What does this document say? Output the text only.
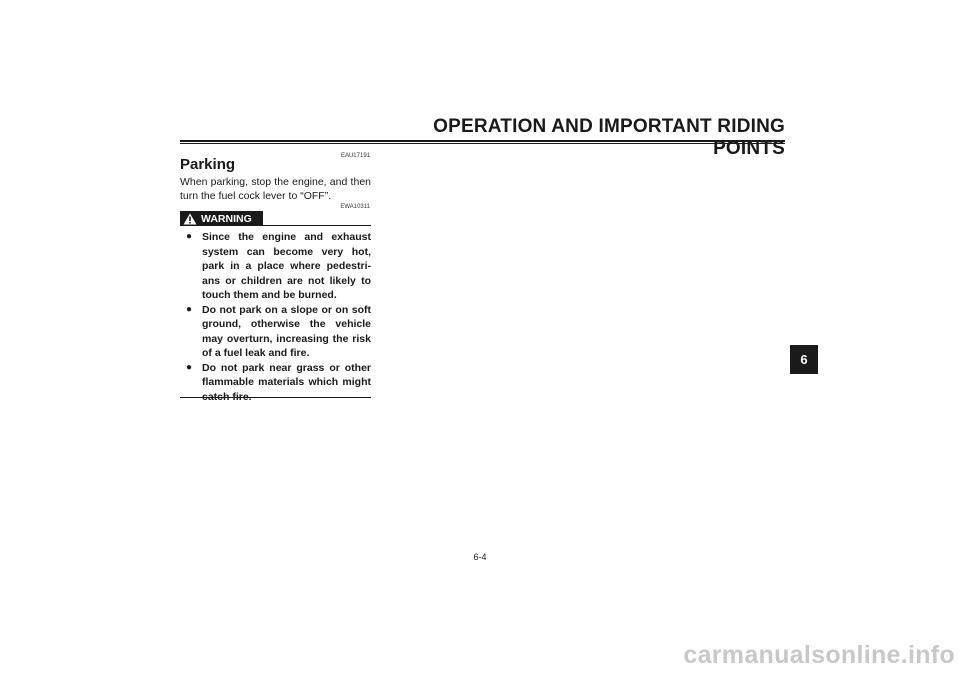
OPERATION AND IMPORTANT RIDING POINTS
EAU17191
Parking
When parking, stop the engine, and then turn the fuel cock lever to “OFF”.
EWA10311
WARNING
● Since the engine and exhaust system can become very hot, park in a place where pedestri-ans or children are not likely to touch them and be burned.
● Do not park on a slope or on soft ground, otherwise the vehicle may overturn, increasing the risk of a fuel leak and fire.
● Do not park near grass or other flammable materials which might catch fire.
6
6-4
carmanualsonline.info
